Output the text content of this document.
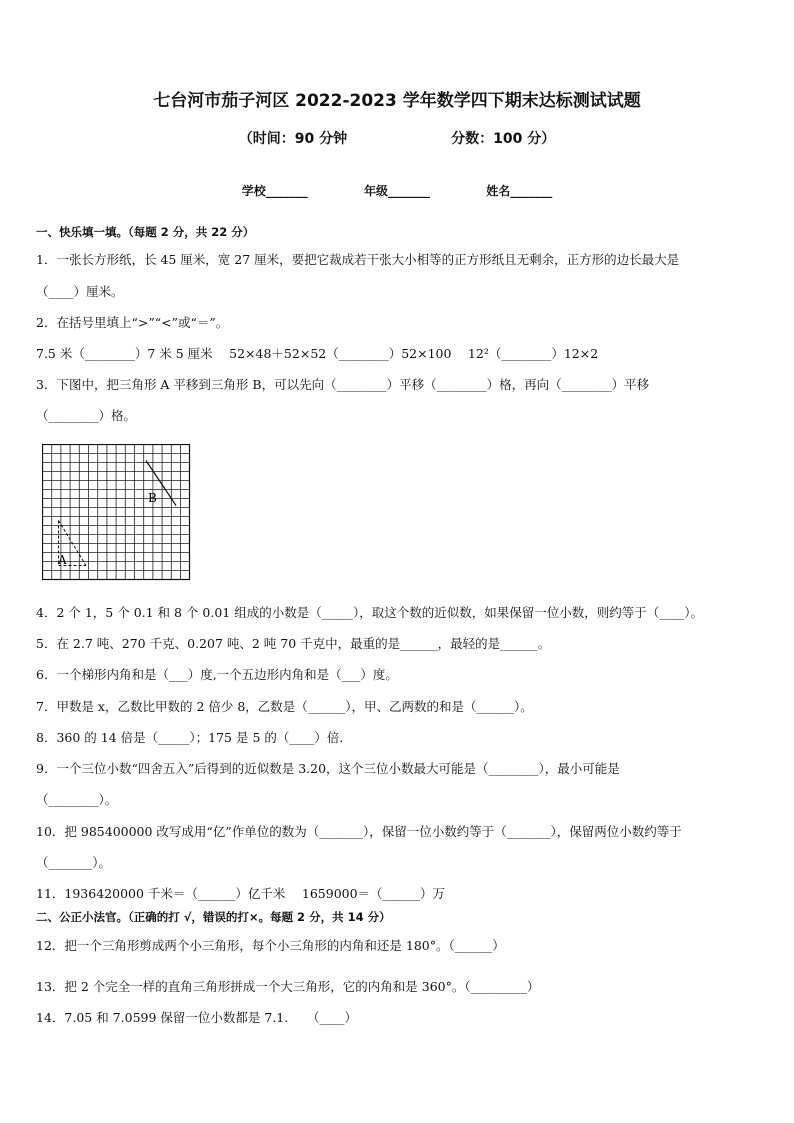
七台河市茄子河区 2022-2023 学年数学四下期末达标测试试题
（时间：90 分钟	分数：100 分）
学校_______	年级_______	姓名_______
一、快乐填一填。（每题 2 分，共 22 分）
1．一张长方形纸，长 45 厘米，宽 27 厘米，要把它裁成若干张大小相等的正方形纸且无剩余，正方形的边长最大是
（____）厘米。
2．在括号里填上“>”“<”或“＝”。
7.5 米（________）7 米 5 厘米　 52×48＋52×52（________）52×100　 12²（________）12×2
3．下图中，把三角形 A 平移到三角形 B，可以先向（________）平移（________）格，再向（________）平移
（________）格。
A
B
4．2 个 1，5 个 0.1 和 8 个 0.01 组成的小数是（_____），取这个数的近似数，如果保留一位小数，则约等于（____）。
5．在 2.7 吨、270 千克、0.207 吨、2 吨 70 千克中，最重的是______，最轻的是______。
6．一个梯形内角和是（___）度,一个五边形内角和是（___）度。
7．甲数是 x，乙数比甲数的 2 倍少 8，乙数是（______），甲、乙两数的和是（______）。
8．360 的 14 倍是（_____）；175 是 5 的（____）倍．
9．一个三位小数“四舍五入”后得到的近似数是 3.20，这个三位小数最大可能是（________），最小可能是
（________）。
10．把 985400000 改写成用“亿”作单位的数为（_______），保留一位小数约等于（_______），保留两位小数约等于
（_______）。
11．1936420000 千米＝（______）亿千米　 1659000＝（______）万
二、公正小法官。（正确的打 √，错误的打×。每题 2 分，共 14 分）
12．把一个三角形剪成两个小三角形，每个小三角形的内角和还是 180°。（______）
13．把 2 个完全一样的直角三角形拼成一个大三角形，它的内角和是 360°。（_________）
14．7.05 和 7.0599 保留一位小数都是 7.1.　　（____）
